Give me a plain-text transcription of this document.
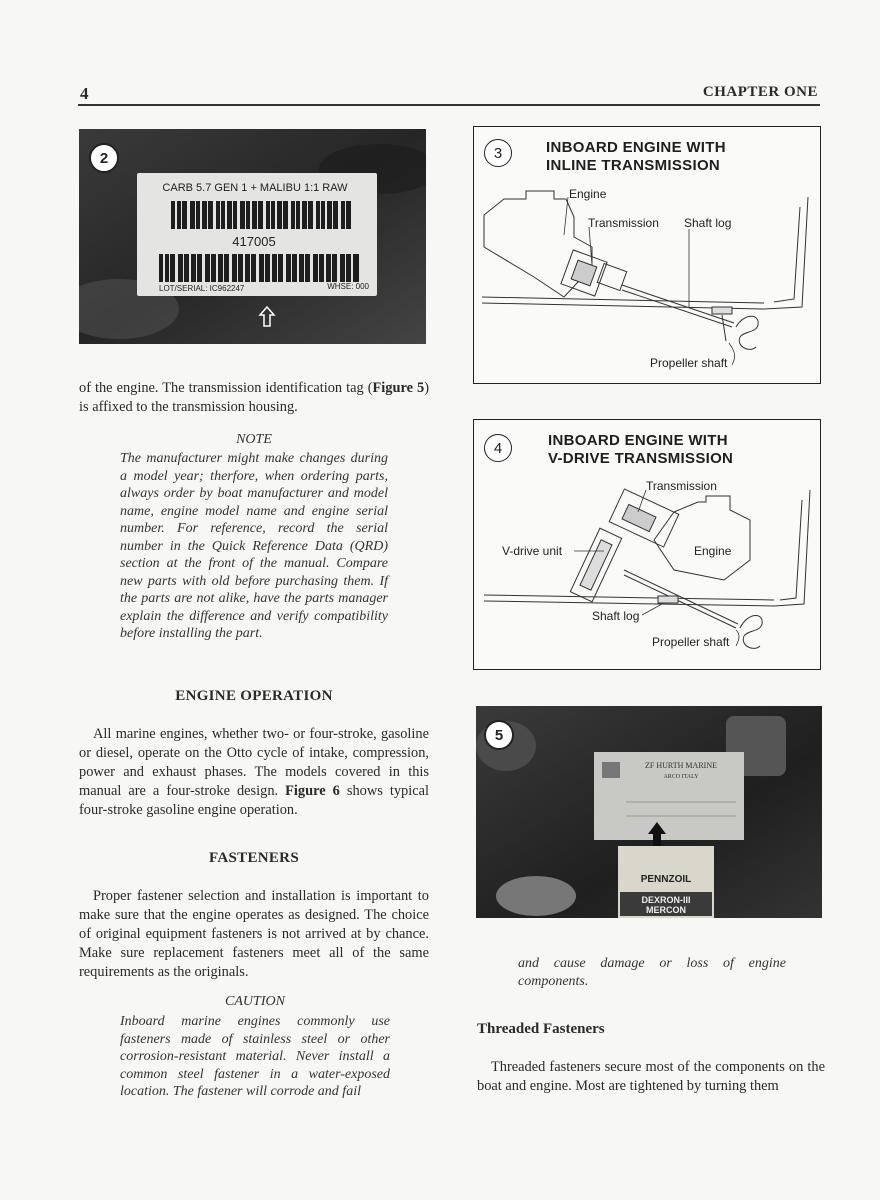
4	CHAPTER ONE
CARB 5.7 GEN 1 + MALIBU 1:1 RAW
417005
LOT/SERIAL: IC962247	WHSE: 000
2	3	INBOARD ENGINE WITH
INLINE TRANSMISSION
Engine
Transmission Shaft log
Propeller shaft

of the engine. The transmission identification tag (Figure 5) is affixed to the transmission housing.

NOTE

The manufacturer might make changes during a model year; therfore, when ordering parts, always order by boat manufacturer and model name, engine model name and engine serial number. For reference, record the serial number in the Quick Reference Data (QRD) section at the front of the manual. Compare new parts with old before purchasing them. If the parts are not alike, have the parts manager explain the difference and verify compatibility before installing the part.

ENGINE OPERATION

All marine engines, whether two- or four-stroke, gasoline or diesel, operate on the Otto cycle of intake, compression, power and exhaust phases. The models covered in this manual are a four-stroke design. Figure 6 shows typical four-stroke gasoline engine operation.

FASTENERS

Proper fastener selection and installation is important to make sure that the engine operates as designed. The choice of original equipment fasteners is not arrived at by chance. Make sure replacement fasteners meet all of the same requirements as the originals.

CAUTION

Inboard marine engines commonly use fasteners made of stainless steel or other corrosion-resistant material. Never install a common steel fastener in a water-exposed location. The fastener will corrode and fail

4	INBOARD ENGINE WITH
V-DRIVE TRANSMISSION
Transmission
V-drive unit	Engine
Shaft log
Propeller shaft
ZF HURTH MARINE
ARCO ITALY
PENNZOIL
DEXRON-III
MERCON
5

and cause damage or loss of engine components.

Threaded Fasteners

Threaded fasteners secure most of the components on the boat and engine. Most are tightened by turning them
